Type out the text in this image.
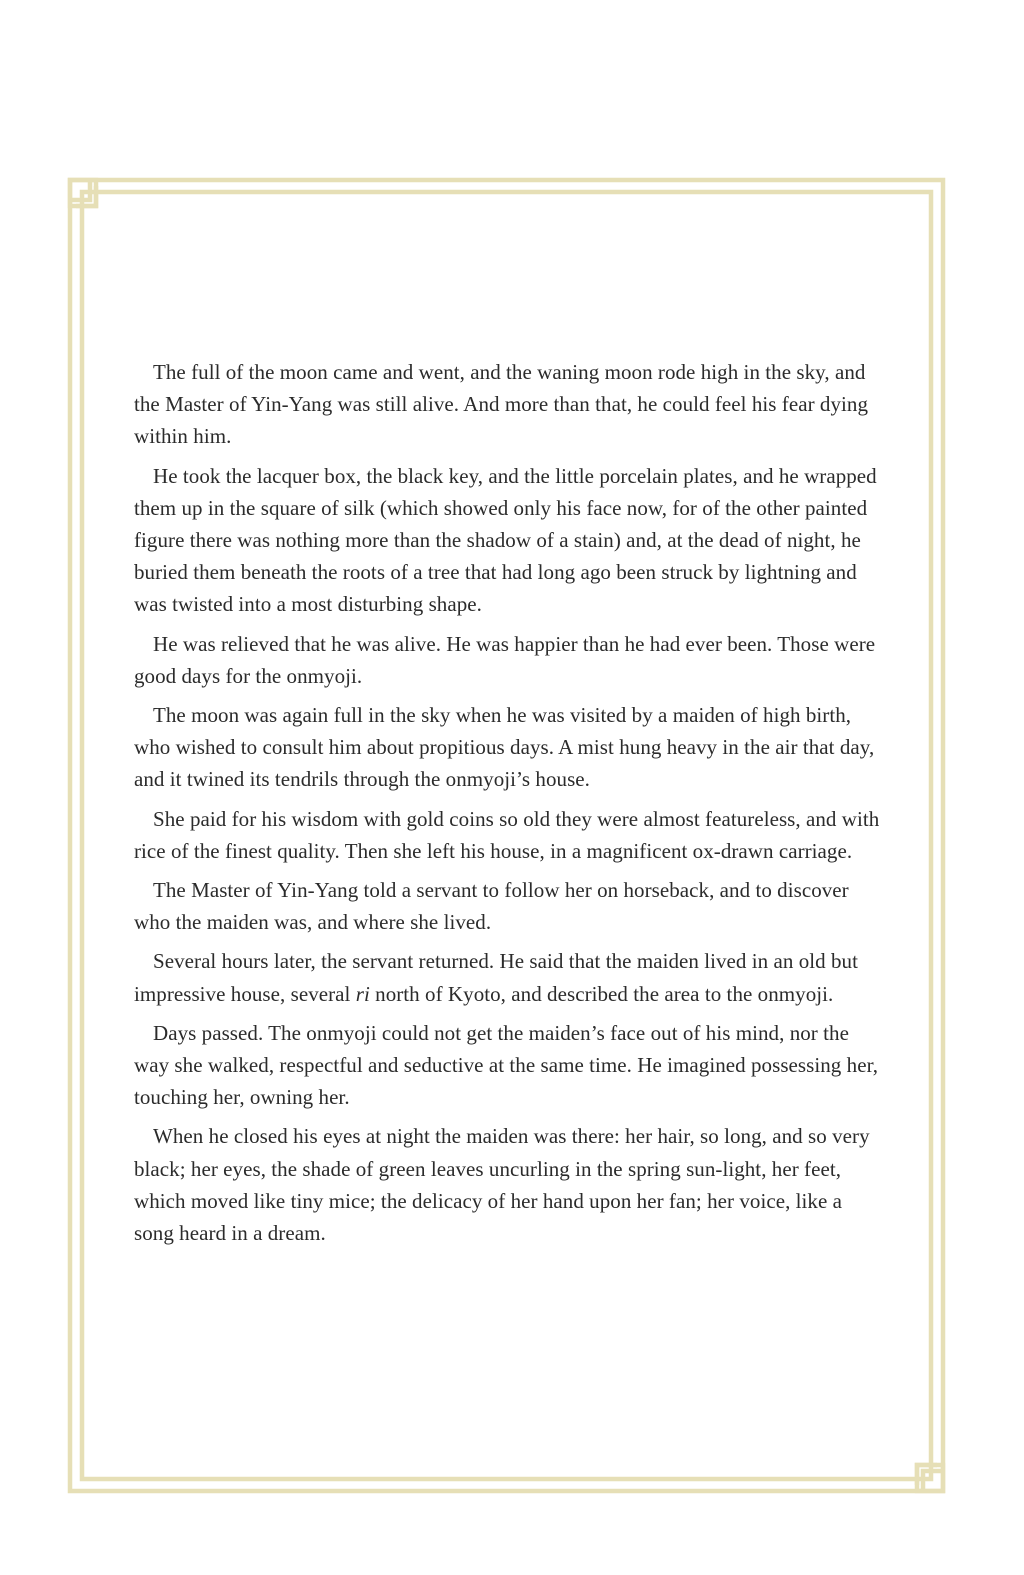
The full of the moon came and went, and the waning moon rode high in the sky, and the Master of Yin-Yang was still alive. And more than that, he could feel his fear dying within him.

He took the lacquer box, the black key, and the little porcelain plates, and he wrapped them up in the square of silk (which showed only his face now, for of the other painted figure there was nothing more than the shadow of a stain) and, at the dead of night, he buried them beneath the roots of a tree that had long ago been struck by lightning and was twisted into a most disturbing shape.

He was relieved that he was alive. He was happier than he had ever been. Those were good days for the onmyoji.

The moon was again full in the sky when he was visited by a maiden of high birth, who wished to consult him about propitious days. A mist hung heavy in the air that day, and it twined its tendrils through the onmyoji’s house.

She paid for his wisdom with gold coins so old they were almost featureless, and with rice of the finest quality. Then she left his house, in a magnificent ox-drawn carriage.

The Master of Yin-Yang told a servant to follow her on horseback, and to discover who the maiden was, and where she lived.

Several hours later, the servant returned. He said that the maiden lived in an old but impressive house, several ri north of Kyoto, and described the area to the onmyoji.

Days passed. The onmyoji could not get the maiden’s face out of his mind, nor the way she walked, respectful and seductive at the same time. He imagined possessing her, touching her, owning her.

When he closed his eyes at night the maiden was there: her hair, so long, and so very black; her eyes, the shade of green leaves uncurling in the spring sun-light, her feet, which moved like tiny mice; the delicacy of her hand upon her fan; her voice, like a song heard in a dream.
